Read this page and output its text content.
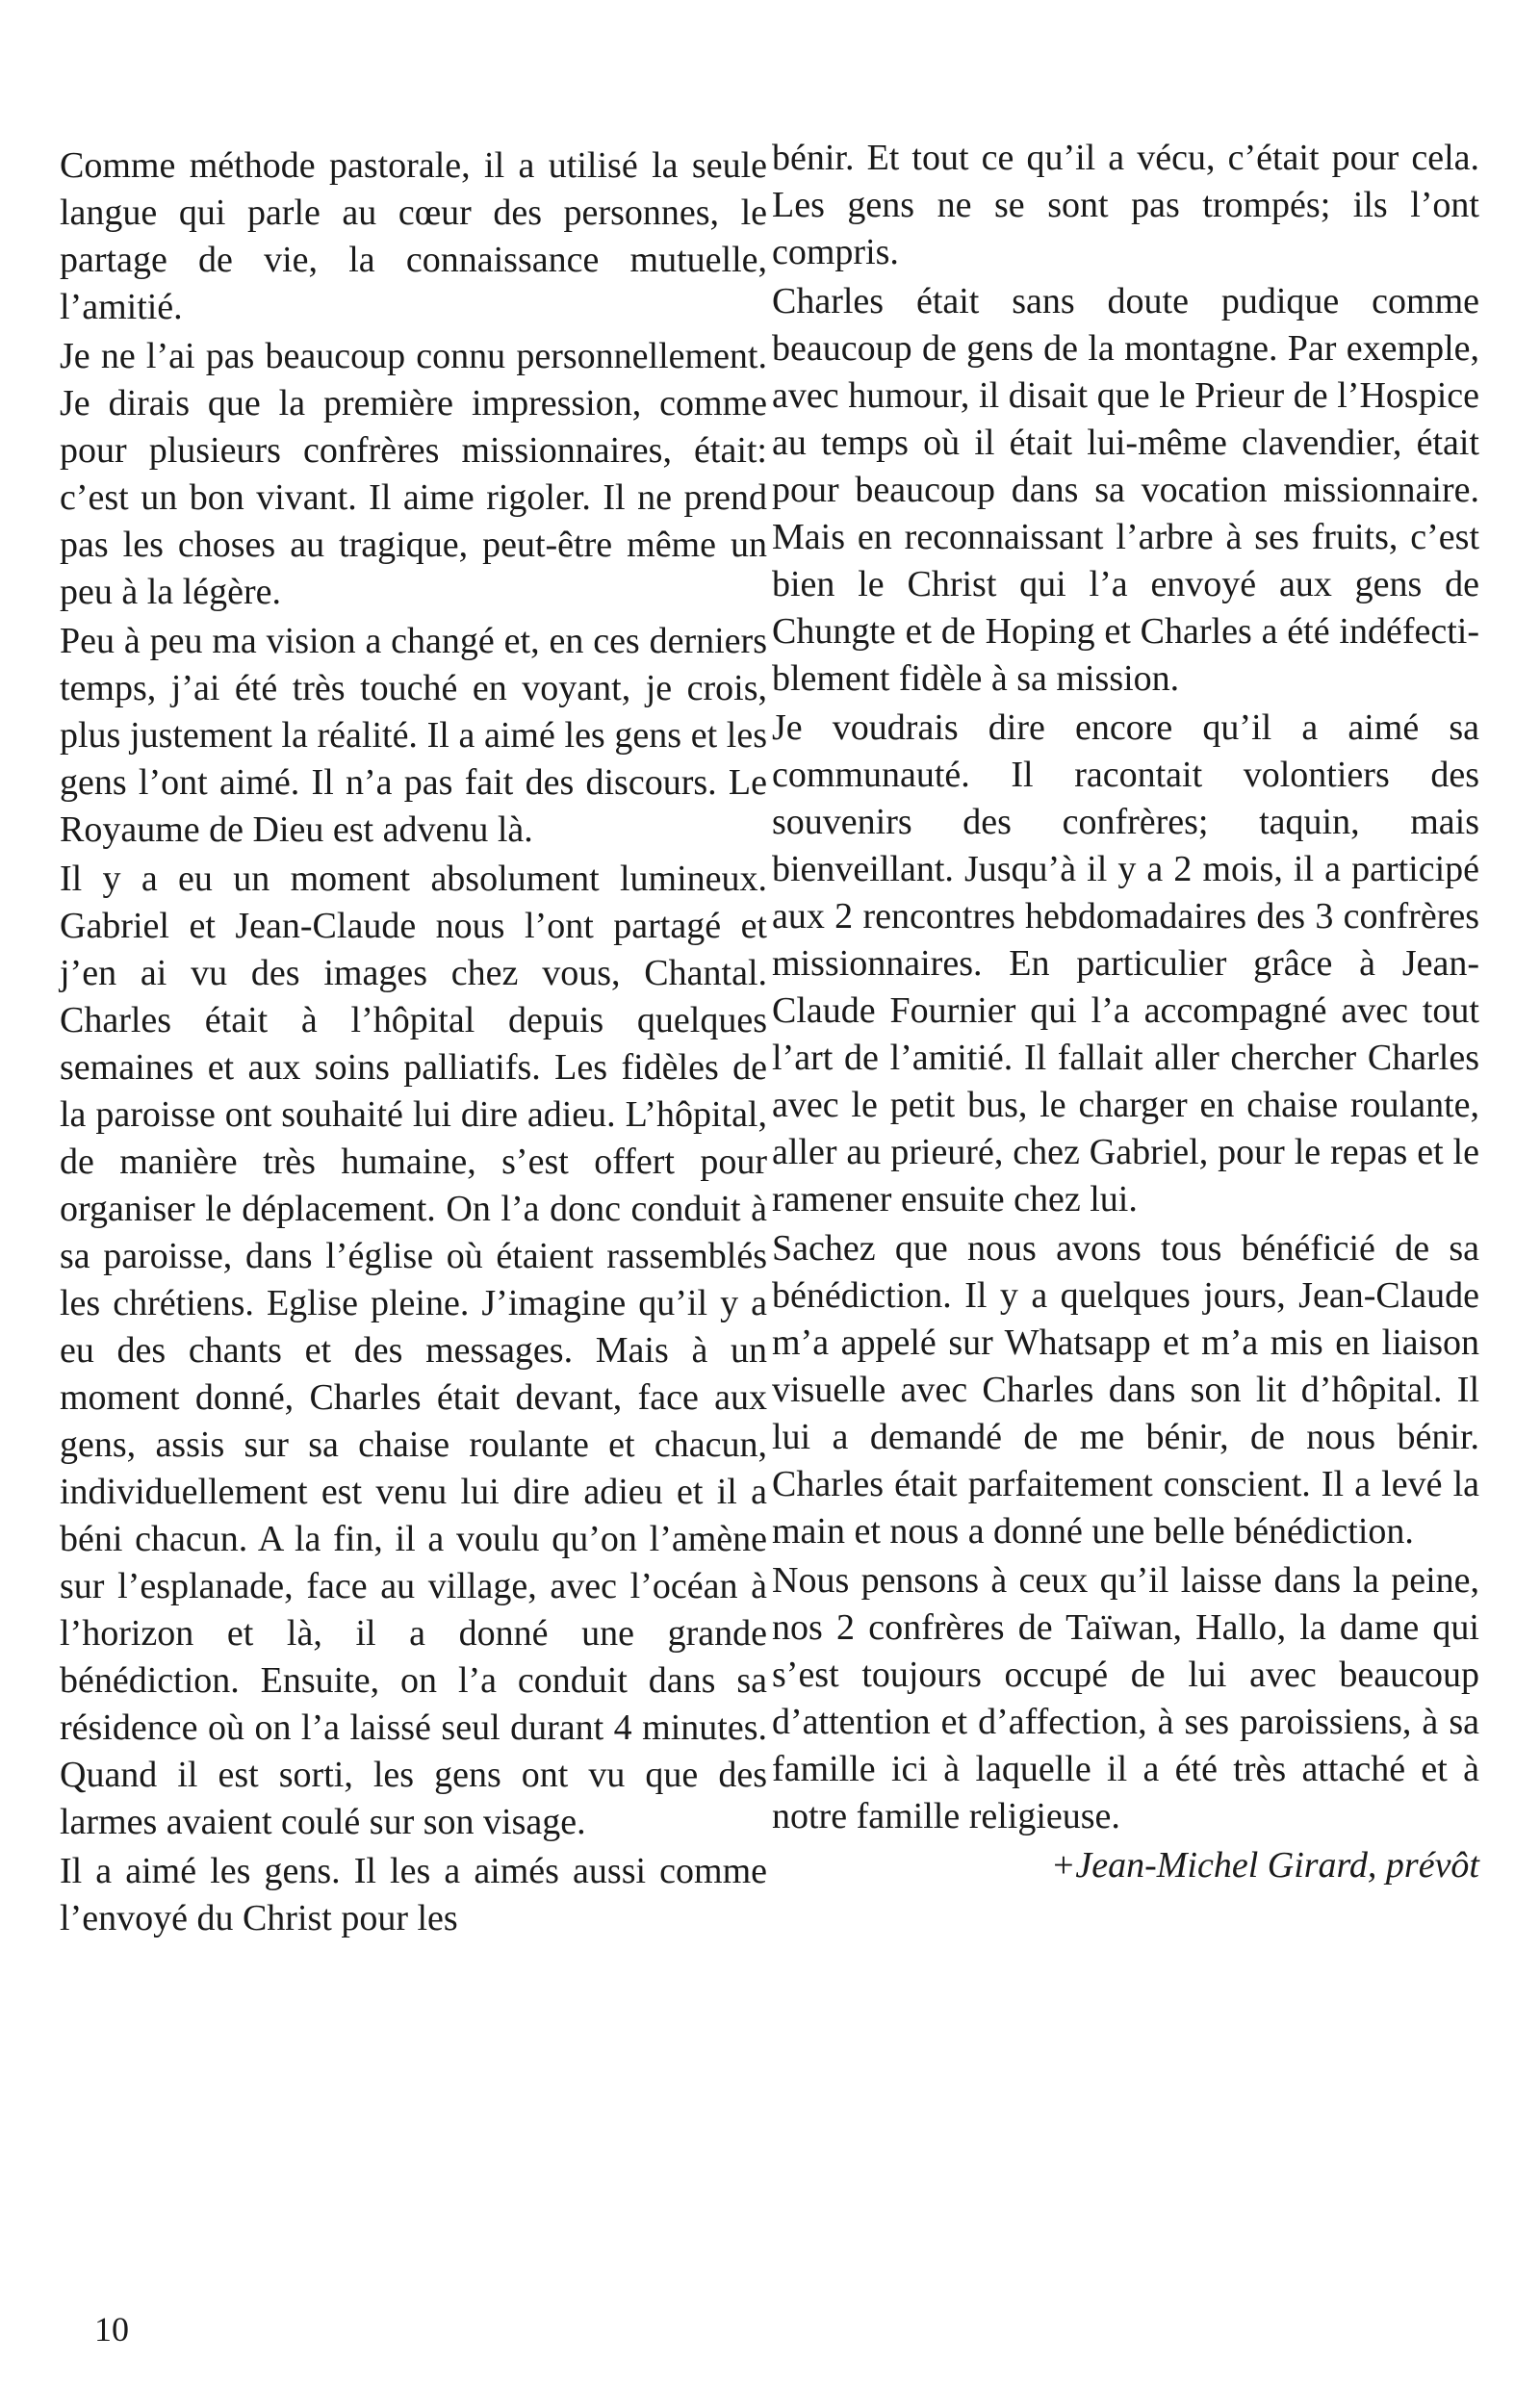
Comme méthode pastorale, il a utilisé la seule langue qui parle au cœur des personnes, le partage de vie, la connaissance mutuelle, l’amitié.

Je ne l’ai pas beaucoup connu personnellement. Je dirais que la première impression, comme pour plusieurs confrères missionnaires, était: c’est un bon vivant. Il aime rigoler. Il ne prend pas les choses au tragique, peut-être même un peu à la légère.

Peu à peu ma vision a changé et, en ces derniers temps, j’ai été très touché en voyant, je crois, plus justement la réalité. Il a aimé les gens et les gens l’ont aimé. Il n’a pas fait des discours. Le Royaume de Dieu est advenu là.

Il y a eu un moment absolument lumineux. Gabriel et Jean-Claude nous l’ont partagé et j’en ai vu des images chez vous, Chantal. Charles était à l’hôpital depuis quelques semaines et aux soins palliatifs. Les fidèles de la paroisse ont souhaité lui dire adieu. L’hôpital, de manière très humaine, s’est offert pour organiser le déplacement. On l’a donc conduit à sa paroisse, dans l’église où étaient rassemblés les chrétiens. Eglise pleine. J’imagine qu’il y a eu des chants et des messages. Mais à un moment donné, Charles était devant, face aux gens, assis sur sa chaise roulante et chacun, individuellement est venu lui dire adieu et il a béni chacun. A la fin, il a voulu qu’on l’amène sur l’esplanade, face au village, avec l’océan à l’horizon et là, il a donné une grande bénédiction. Ensuite, on l’a conduit dans sa résidence où on l’a laissé seul durant 4 minutes. Quand il est sorti, les gens ont vu que des larmes avaient coulé sur son visage.

Il a aimé les gens. Il les a aimés aussi comme l’envoyé du Christ pour les

bénir. Et tout ce qu’il a vécu, c’était pour cela. Les gens ne se sont pas trompés; ils l’ont compris.

Charles était sans doute pudique comme beaucoup de gens de la montagne. Par exemple, avec humour, il disait que le Prieur de l’Hospice au temps où il était lui-même clavendier, était pour beaucoup dans sa vocation missionnaire. Mais en reconnaissant l’arbre à ses fruits, c’est bien le Christ qui l’a envoyé aux gens de Chungte et de Hoping et Charles a été indéfectiblement fidèle à sa mission.

Je voudrais dire encore qu’il a aimé sa communauté. Il racontait volontiers des souvenirs des confrères; taquin, mais bienveillant. Jusqu’à il y a 2 mois, il a participé aux 2 rencontres hebdomadaires des 3 confrères missionnaires. En particulier grâce à Jean-Claude Fournier qui l’a accompagné avec tout l’art de l’amitié. Il fallait aller chercher Charles avec le petit bus, le charger en chaise roulante, aller au prieuré, chez Gabriel, pour le repas et le ramener ensuite chez lui.

Sachez que nous avons tous bénéficié de sa bénédiction. Il y a quelques jours, Jean-Claude m’a appelé sur Whatsapp et m’a mis en liaison visuelle avec Charles dans son lit d’hôpital. Il lui a demandé de me bénir, de nous bénir. Charles était parfaitement conscient. Il a levé la main et nous a donné une belle bénédiction.

Nous pensons à ceux qu’il laisse dans la peine, nos 2 confrères de Taïwan, Hallo, la dame qui s’est toujours occupé de lui avec beaucoup d’attention et d’affection, à ses paroissiens, à sa famille ici à laquelle il a été très attaché et à notre famille religieuse.

+Jean-Michel Girard, prévôt

10
